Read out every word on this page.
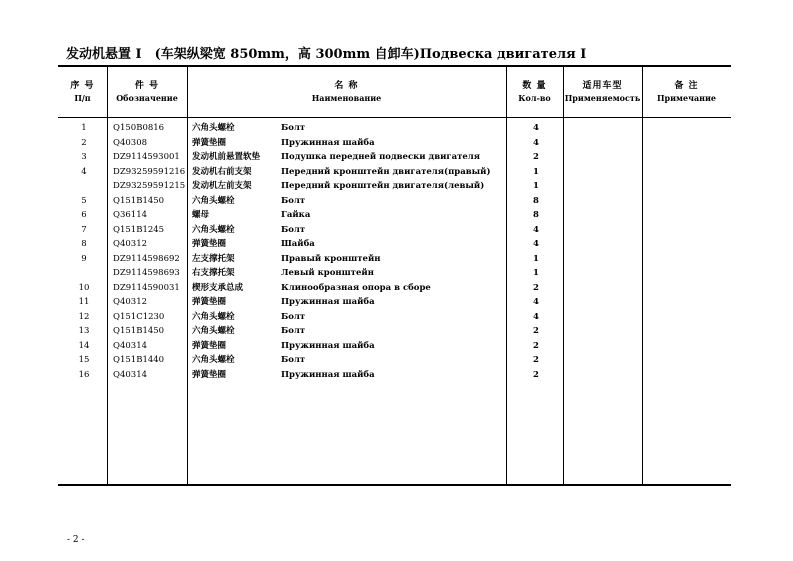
发动机悬置 I　(车架纵梁宽 850mm，高 300mm 自卸车)Подвеска двигателя I
序 号
П/п
件 号
Обозначение
名 称
Наименование
数 量
Кол-во
适用车型
Применяемость
备 注
Примечание
1
2
3
4

5
6
7
8
9

10
11
12
13
14
15
16
Q150B0816
Q40308
DZ9114593001
DZ93259591216
DZ93259591215
Q151B1450
Q36114
Q151B1245
Q40312
DZ9114598692
DZ9114598693
DZ9114590031
Q40312
Q151C1230
Q151B1450
Q40314
Q151B1440
Q40314
六角头螺栓
弹簧垫圈
发动机前悬置软垫
发动机右前支架
发动机左前支架
六角头螺栓
螺母
六角头螺栓
弹簧垫圈
左支撑托架
右支撑托架
楔形支承总成
弹簧垫圈
六角头螺栓
六角头螺栓
弹簧垫圈
六角头螺栓
弹簧垫圈
Болт
Пружинная шайба
Подушка передней подвески двигателя
Передний кронштейн двигателя(правый)
Передний кронштейн двигателя(левый)
Болт
Гайка
Болт
Шайба
Правый кронштейн
Левый кронштейн
Клинообразная опора в сборе
Пружинная шайба
Болт
Болт
Пружинная шайба
Болт
Пружинная шайба
4
4
2
1
1
8
8
4
4
1
1
2
4
4
2
2
2
2
- 2 -
